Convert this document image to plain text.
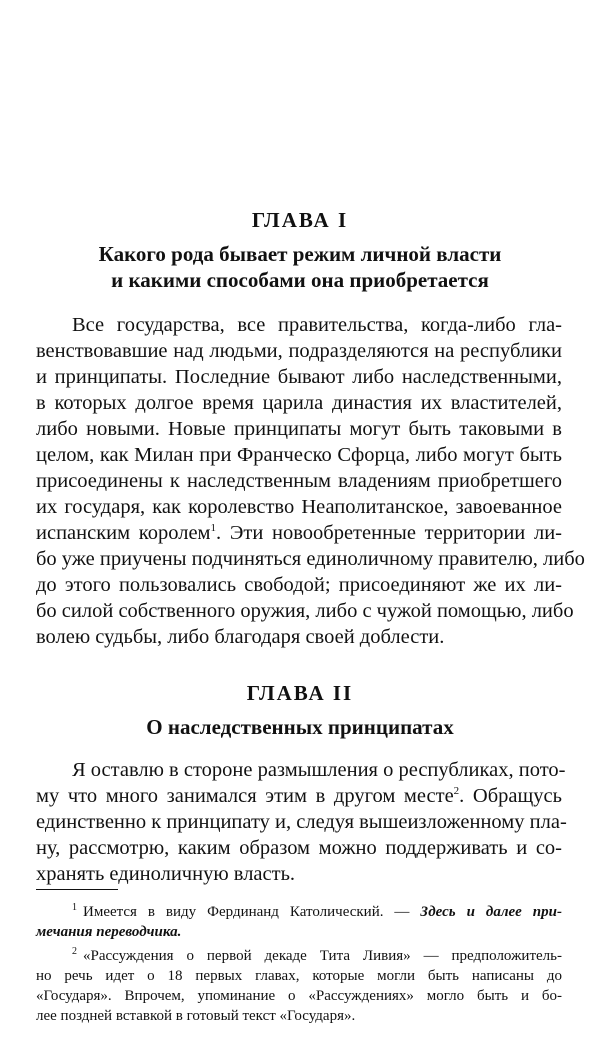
ГЛАВА I

Какого рода бывает режим личной власти
и какими способами она приобретается

Все государства, все правительства, когда-либо гла-
венствовавшие над людьми, подразделяются на республики
и принципаты. Последние бывают либо наследственными,
в которых долгое время царила династия их властителей,
либо новыми. Новые принципаты могут быть таковыми в
целом, как Милан при Франческо Сфорца, либо могут быть
присоединены к наследственным владениям приобретшего
их государя, как королевство Неаполитанское, завоеванное
испанским королем$^1$. Эти новообретенные территории ли-
бо уже приучены подчиняться единоличному правителю, либо
до этого пользовались свободой; присоединяют же их ли-
бо силой собственного оружия, либо с чужой помощью, либо
волею судьбы, либо благодаря своей доблести.

ГЛАВА II

О наследственных принципатах

Я оставлю в стороне размышления о республиках, пото-
му что много занимался этим в другом месте$^2$. Обращусь
единственно к принципату и, следуя вышеизложенному пла-
ну, рассмотрю, каким образом можно поддерживать и со-
хранять единоличную власть.
$^1$ Имеется в виду Фердинанд Католический. — Здесь и далее при-
мечания переводчика.
$^2$ «Рассуждения о первой декаде Тита Ливия» — предположитель-
но речь идет о 18 первых главах, которые могли быть написаны до
«Государя». Впрочем, упоминание о «Рассуждениях» могло быть и бо-
лее поздней вставкой в готовый текст «Государя».
